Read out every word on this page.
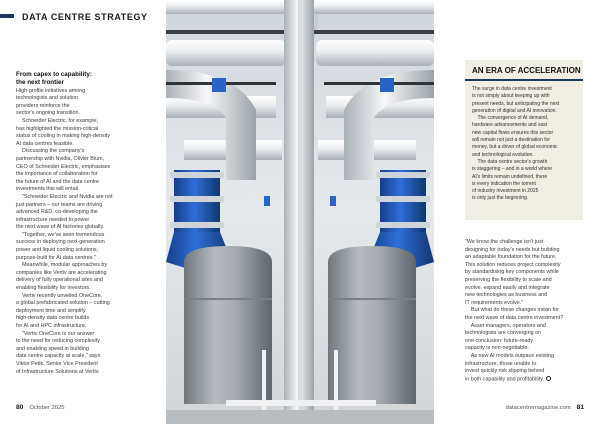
DATA CENTRE STRATEGY
From capex to capability:
the next frontier

High-profile initiatives among

technologists and solution

providers reinforce the

sector's ongoing transition.

Schneider Electric, for example,

has highlighted the mission-critical

status of cooling in making high-density

AI data centres feasible.

Discussing the company's

partnership with Nvidia, Olivier Blum,

CEO of Schneider Electric, emphasises

the importance of collaboration for

the future of AI and the data centre

investments this will entail.

"Schneider Electric and Nvidia are not

just partners – our teams are driving

advanced R&D, co-developing the

infrastructure needed to power

the next wave of AI factories globally.

"Together, we've seen tremendous

success in deploying next-generation

power and liquid cooling solutions,

purpose-built for AI data centres."

Meanwhile, modular approaches by

companies like Vertiv are accelerating

delivery of fully operational sites and

enabling flexibility for investors.

Vertiv recently unveiled OneCore,

a global prefabricated solution – cutting

deployment time and simplify

high-density data centre builds

for AI and HPC infrastructure.

"Vertiv OneCore is our answer

to the need for reducing complexity

and enabling speed in building

data centre capacity at scale," says

Viktor Petik, Senior Vice President

of Infrastructure Solutions at Vertiv.

AN ERA OF ACCELERATION

The surge in data centre investment

is not simply about keeping up with

present needs, but anticipating the next

generation of digital and AI innovation.

The convergence of AI demand,

hardware advancements and vast

new capital flows ensures this sector

will remain not just a destination for

money, but a driver of global economic

and technological evolution.

The data centre sector's growth

is staggering – and in a world where

AI's limits remain undefined, there

is every indication the torrent

of industry investment in 2025

is only just the beginning.

"We know the challenge isn't just

designing for today's needs but building

an adaptable foundation for the future.

This solution reduces project complexity

by standardising key components while

preserving the flexibility to scale and

evolve, expand easily and integrate

new technologies as business and

IT requirements evolve."

But what do these changes mean for

the next wave of data centre investment?

Asset managers, operators and

technologists are converging on

one conclusion: future-ready

capacity is non-negotiable.

As new AI models outpace existing

infrastructure, those unable to

invest quickly risk slipping behind

in both capability and profitability.

80 October 2025	datacentremagazine.com 81
